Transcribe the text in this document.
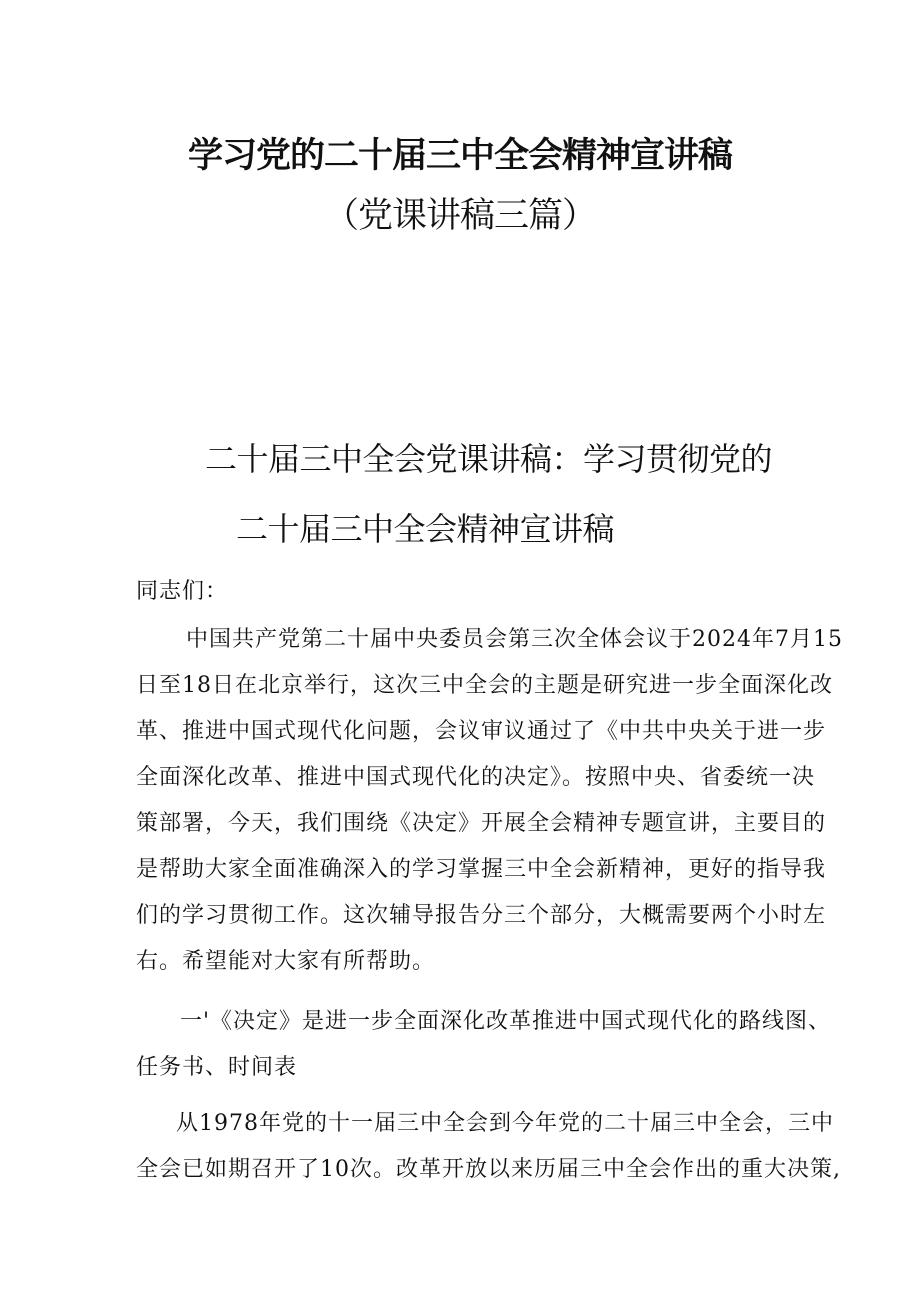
学习党的二十届三中全会精神宣讲稿
（党课讲稿三篇）
二十届三中全会党课讲稿：学习贯彻党的
二十届三中全会精神宣讲稿
同志们：
中国共产党第二十届中央委员会第三次全体会议于2024年7月15
日至18日在北京举行，这次三中全会的主题是研究进一步全面深化改
革、推进中国式现代化问题，会议审议通过了《中共中央关于进一步
全面深化改革、推进中国式现代化的决定》。按照中央、省委统一决
策部署，今天，我们围绕《决定》开展全会精神专题宣讲，主要目的
是帮助大家全面准确深入的学习掌握三中全会新精神，更好的指导我
们的学习贯彻工作。这次辅导报告分三个部分，大概需要两个小时左
右。希望能对大家有所帮助。
一'《决定》是进一步全面深化改革推进中国式现代化的路线图、
任务书、时间表
从1978年党的十一届三中全会到今年党的二十届三中全会，三中
全会已如期召开了10次。改革开放以来历届三中全会作出的重大决策,
